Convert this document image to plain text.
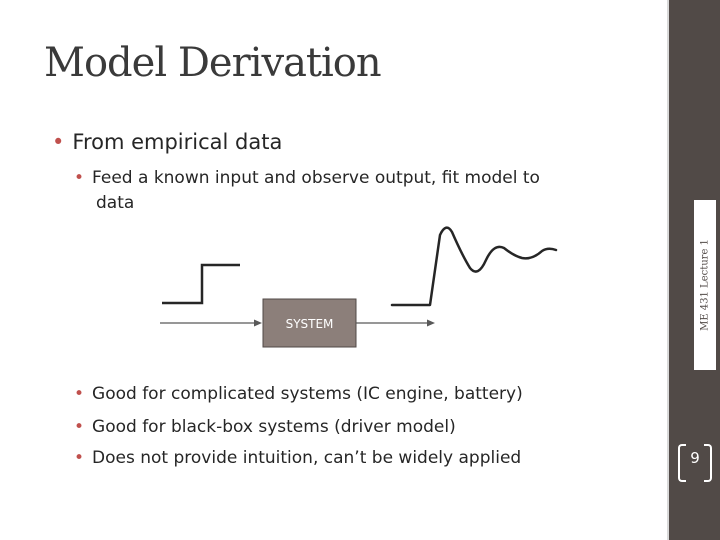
ME 431 Lecture 1
9
Model Derivation
• From empirical data
• Feed a known input and observe output, fit model to
data
SYSTEM
• Good for complicated systems (IC engine, battery)
• Good for black-box systems (driver model)
• Does not provide intuition, can’t be widely applied
